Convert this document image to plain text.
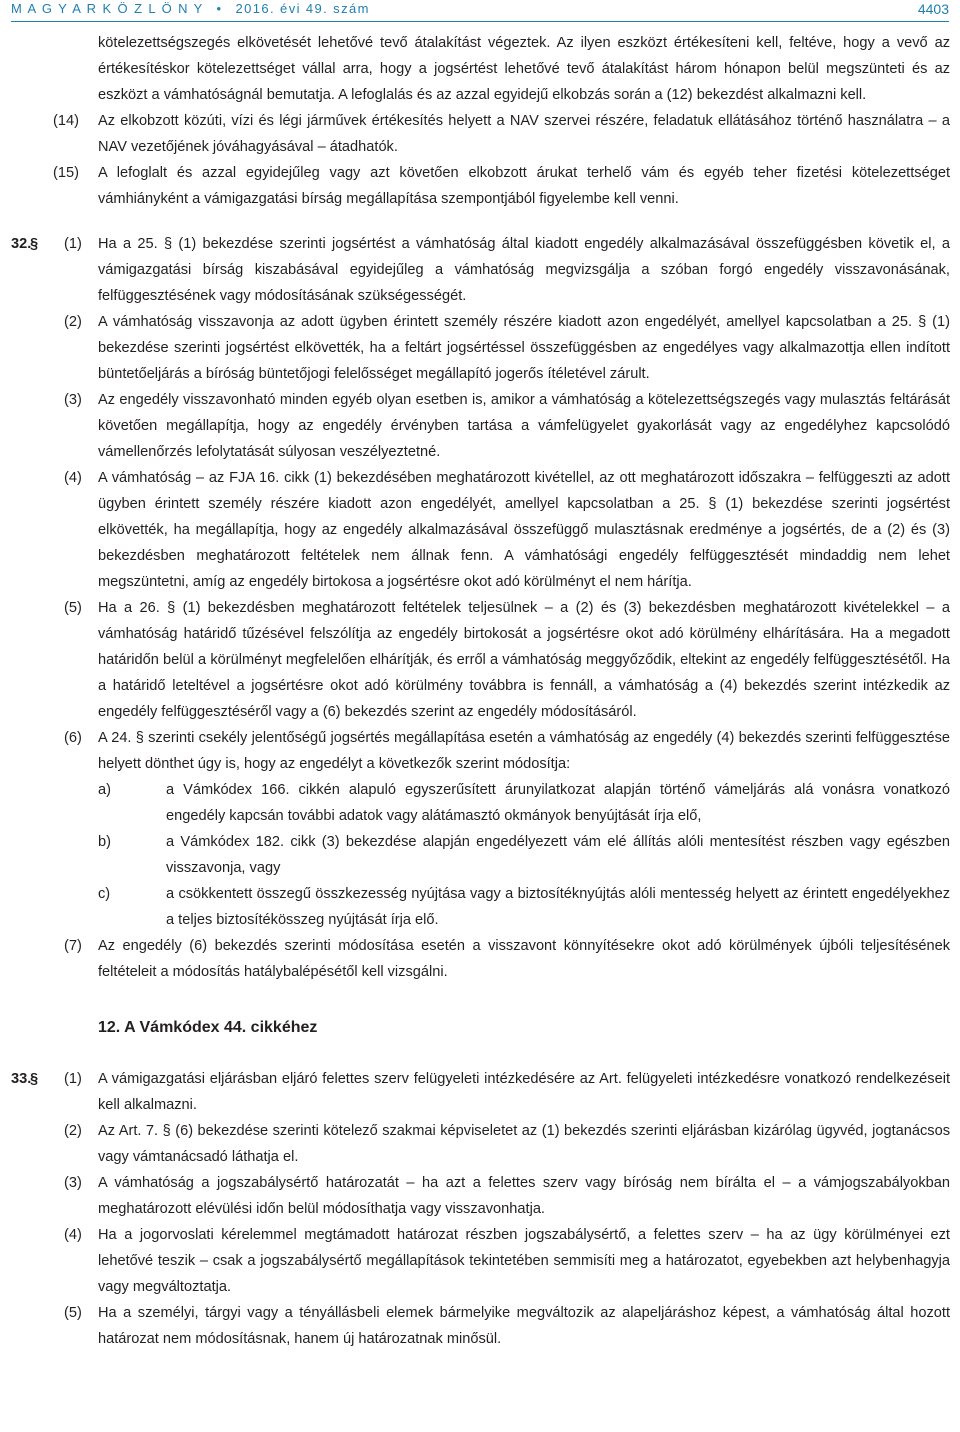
M A G Y A R K Ö Z L Ö N Y • 2016. évi 49. szám	4403
kötelezettségszegés elkövetését lehetővé tevő átalakítást végeztek. Az ilyen eszközt értékesíteni kell, feltéve, hogy a vevő az értékesítéskor kötelezettséget vállal arra, hogy a jogsértést lehetővé tevő átalakítást három hónapon belül megszünteti és az eszközt a vámhatóságnál bemutatja. A lefoglalás és az azzal egyidejű elkobzás során a (12) bekezdést alkalmazni kell.
(14) Az elkobzott közúti, vízi és légi járművek értékesítés helyett a NAV szervei részére, feladatuk ellátásához történő használatra – a NAV vezetőjének jóváhagyásával – átadhatók.
(15) A lefoglalt és azzal egyidejűleg vagy azt követően elkobzott árukat terhelő vám és egyéb teher fizetési kötelezettséget vámhiányként a vámigazgatási bírság megállapítása szempontjából figyelembe kell venni.
32.
§ (1) Ha a 25. § (1) bekezdése szerinti jogsértést a vámhatóság által kiadott engedély alkalmazásával összefüggésben követik el, a vámigazgatási bírság kiszabásával egyidejűleg a vámhatóság megvizsgálja a szóban forgó engedély visszavonásának, felfüggesztésének vagy módosításának szükségességét.
(2) A vámhatóság visszavonja az adott ügyben érintett személy részére kiadott azon engedélyét, amellyel kapcsolatban a 25. § (1) bekezdése szerinti jogsértést elkövették, ha a feltárt jogsértéssel összefüggésben az engedélyes vagy alkalmazottja ellen indított büntetőeljárás a bíróság büntetőjogi felelősséget megállapító jogerős ítéletével zárult.
(3) Az engedély visszavonható minden egyéb olyan esetben is, amikor a vámhatóság a kötelezettségszegés vagy mulasztás feltárását követően megállapítja, hogy az engedély érvényben tartása a vámfelügyelet gyakorlását vagy az engedélyhez kapcsolódó vámellenőrzés lefolytatását súlyosan veszélyeztetné.
(4) A vámhatóság – az FJA 16. cikk (1) bekezdésében meghatározott kivétellel, az ott meghatározott időszakra – felfüggeszti az adott ügyben érintett személy részére kiadott azon engedélyét, amellyel kapcsolatban a 25. § (1) bekezdése szerinti jogsértést elkövették, ha megállapítja, hogy az engedély alkalmazásával összefüggő mulasztásnak eredménye a jogsértés, de a (2) és (3) bekezdésben meghatározott feltételek nem állnak fenn. A vámhatósági engedély felfüggesztését mindaddig nem lehet megszüntetni, amíg az engedély birtokosa a jogsértésre okot adó körülményt el nem hárítja.
(5) Ha a 26. § (1) bekezdésben meghatározott feltételek teljesülnek – a (2) és (3) bekezdésben meghatározott kivételekkel – a vámhatóság határidő tűzésével felszólítja az engedély birtokosát a jogsértésre okot adó körülmény elhárítására. Ha a megadott határidőn belül a körülményt megfelelően elhárítják, és erről a vámhatóság meggyőződik, eltekint az engedély felfüggesztésétől. Ha a határidő leteltével a jogsértésre okot adó körülmény továbbra is fennáll, a vámhatóság a (4) bekezdés szerint intézkedik az engedély felfüggesztéséről vagy a (6) bekezdés szerint az engedély módosításáról.
(6) A 24. § szerinti csekély jelentőségű jogsértés megállapítása esetén a vámhatóság az engedély (4) bekezdés szerinti felfüggesztése helyett dönthet úgy is, hogy az engedélyt a következők szerint módosítja:
a)	a Vámkódex 166. cikkén alapuló egyszerűsített árunyilatkozat alapján történő vámeljárás alá vonásra vonatkozó engedély kapcsán további adatok vagy alátámasztó okmányok benyújtását írja elő,
b)	a Vámkódex 182. cikk (3) bekezdése alapján engedélyezett vám elé állítás alóli mentesítést részben vagy egészben visszavonja, vagy
c)	a csökkentett összegű összkezesség nyújtása vagy a biztosítéknyújtás alóli mentesség helyett az érintett engedélyekhez a teljes biztosítékösszeg nyújtását írja elő.
(7) Az engedély (6) bekezdés szerinti módosítása esetén a visszavont könnyítésekre okot adó körülmények újbóli teljesítésének feltételeit a módosítás hatálybalépésétől kell vizsgálni.
12. A Vámkódex 44. cikkéhez
33.
§ (1) A vámigazgatási eljárásban eljáró felettes szerv felügyeleti intézkedésére az Art. felügyeleti intézkedésre vonatkozó rendelkezéseit kell alkalmazni.
(2) Az Art. 7. § (6) bekezdése szerinti kötelező szakmai képviseletet az (1) bekezdés szerinti eljárásban kizárólag ügyvéd, jogtanácsos vagy vámtanácsadó láthatja el.
(3) A vámhatóság a jogszabálysértő határozatát – ha azt a felettes szerv vagy bíróság nem bírálta el – a vámjogszabályokban meghatározott elévülési időn belül módosíthatja vagy visszavonhatja.
(4) Ha a jogorvoslati kérelemmel megtámadott határozat részben jogszabálysértő, a felettes szerv – ha az ügy körülményei ezt lehetővé teszik – csak a jogszabálysértő megállapítások tekintetében semmisíti meg a határozatot, egyebekben azt helybenhagyja vagy megváltoztatja.
(5) Ha a személyi, tárgyi vagy a tényállásbeli elemek bármelyike megváltozik az alapeljáráshoz képest, a vámhatóság által hozott határozat nem módosításnak, hanem új határozatnak minősül.
